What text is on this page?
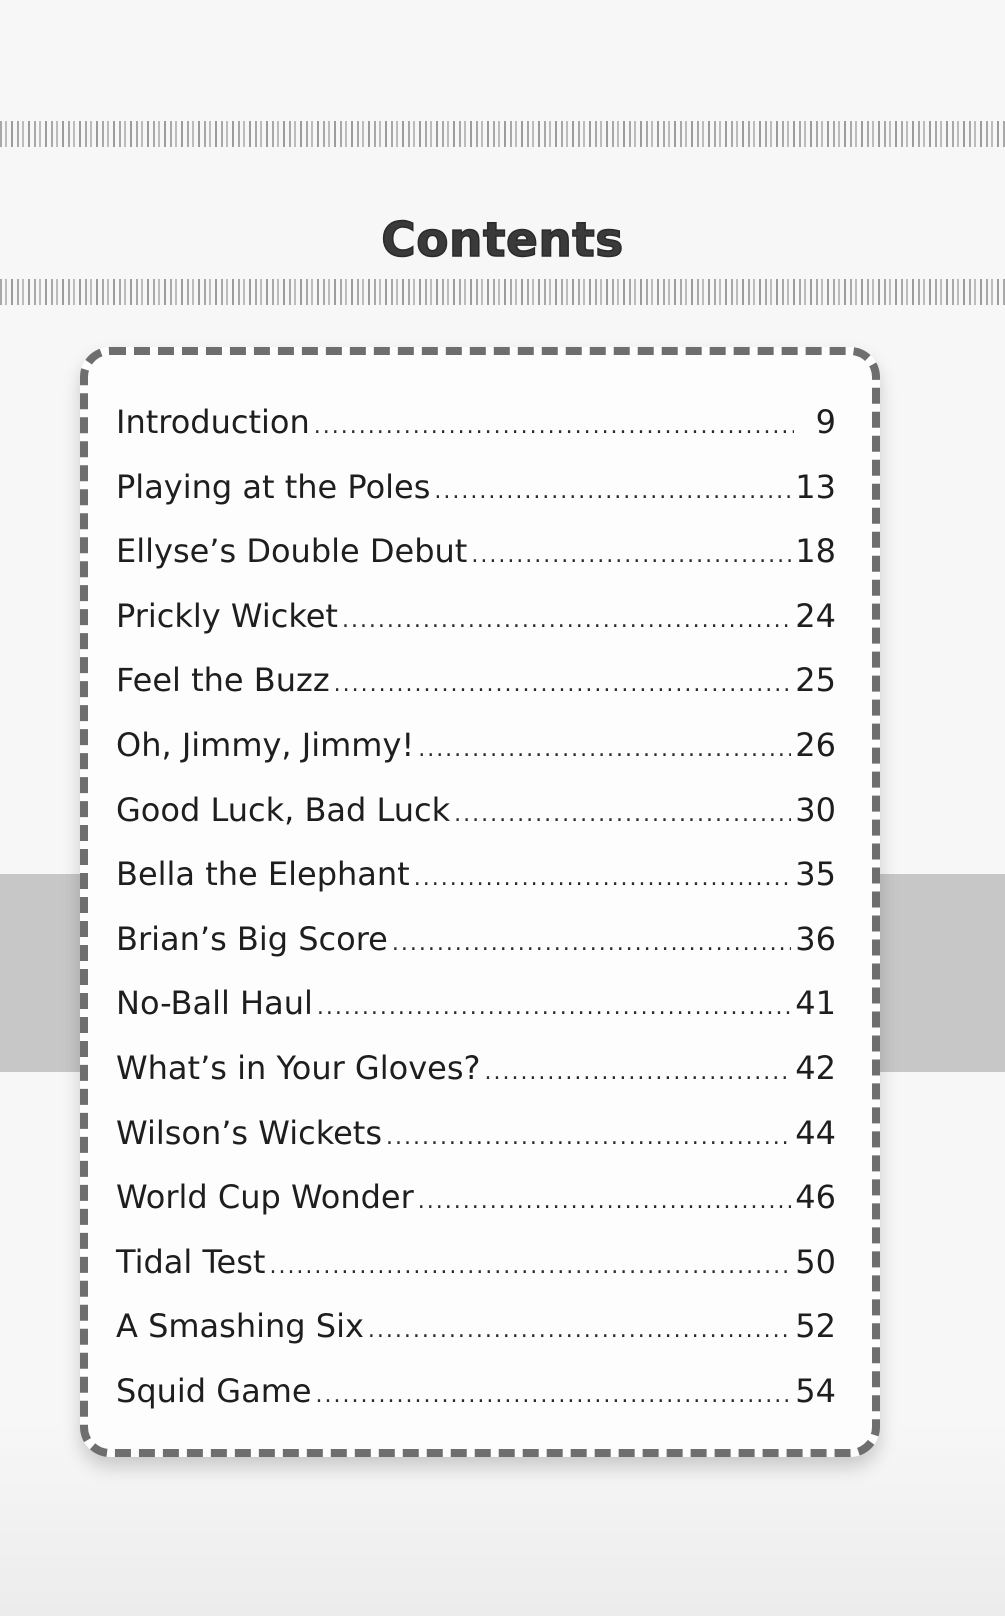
Contents
Introduction .....	9
Playing at the Poles .....	13
Ellyse’s Double Debut .....	18
Prickly Wicket .....	24
Feel the Buzz .....	25
Oh, Jimmy, Jimmy! .....	26
Good Luck, Bad Luck .....	30
Bella the Elephant .....	35
Brian’s Big Score .....	36
No-Ball Haul .....	41
What’s in Your Gloves? .....	42
Wilson’s Wickets .....	44
World Cup Wonder .....	46
Tidal Test .....	50
A Smashing Six .....	52
Squid Game .....	54
